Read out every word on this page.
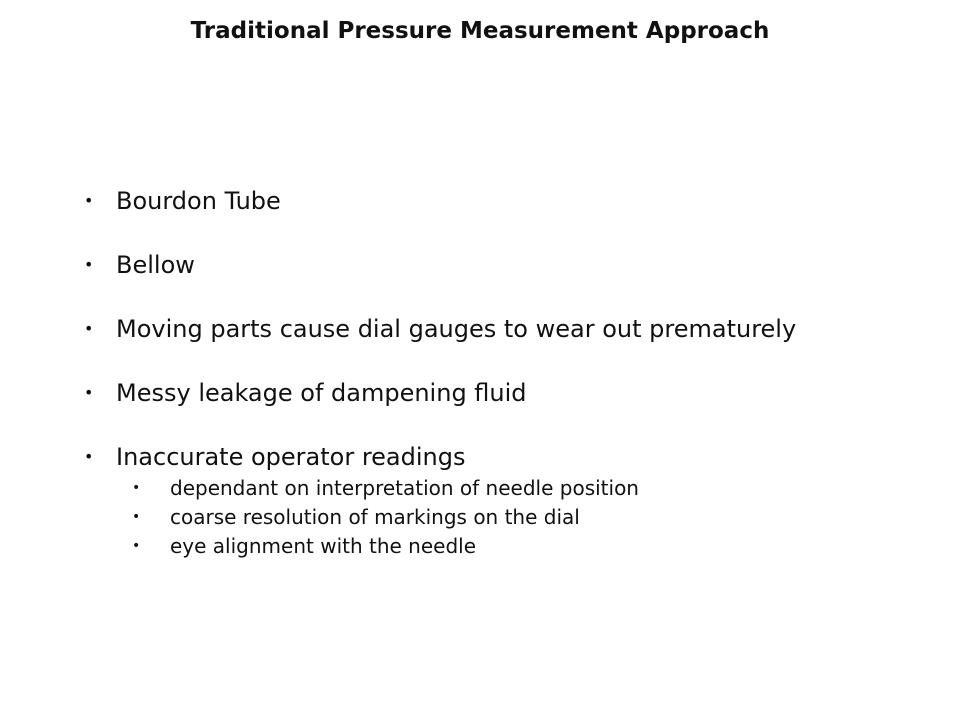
Traditional Pressure Measurement Approach
• Bourdon Tube
• Bellow
• Moving parts cause dial gauges to wear out prematurely
• Messy leakage of dampening fluid
• Inaccurate operator readings
• dependant on interpretation of needle position
• coarse resolution of markings on the dial
• eye alignment with the needle
